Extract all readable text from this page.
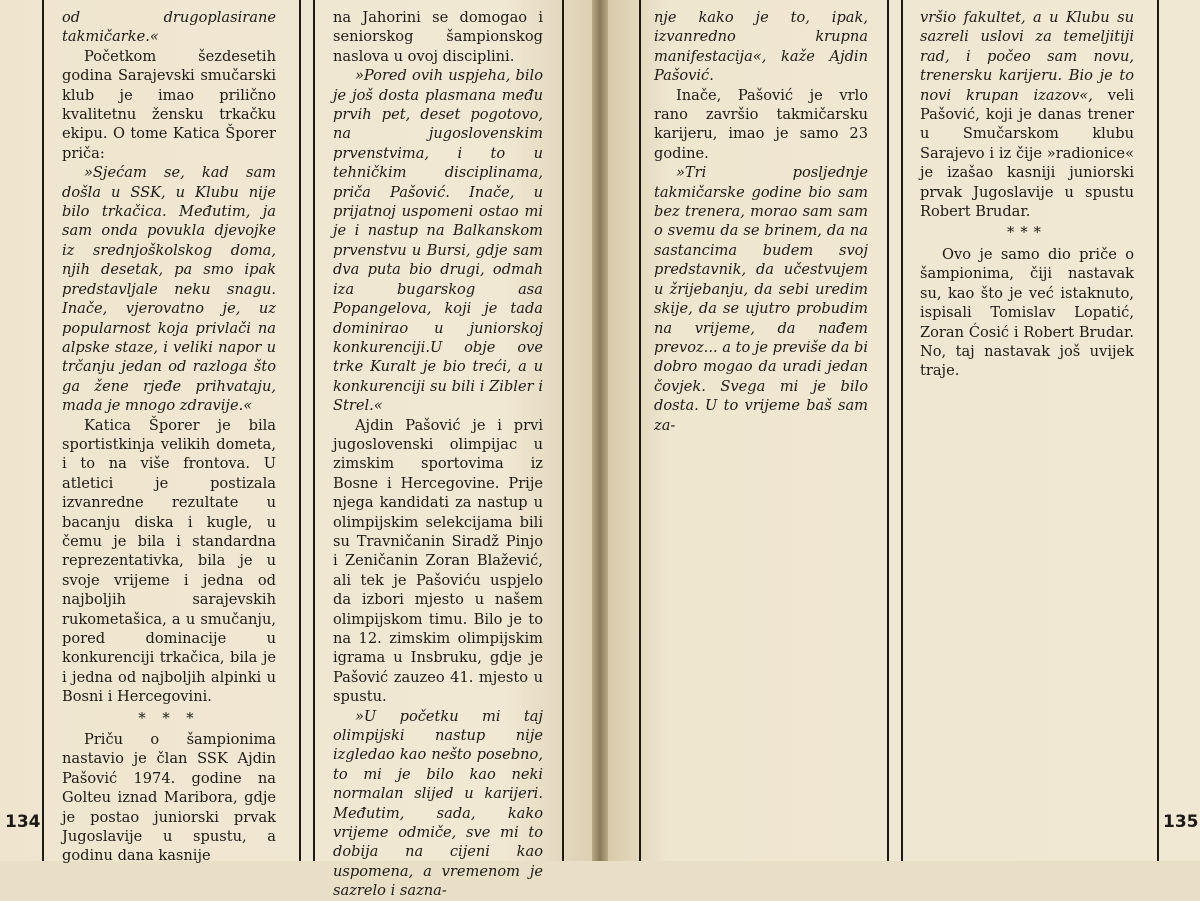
od drugoplasirane takmičarke.«

Početkom šezdesetih godina Sarajevski smučarski klub je imao prilično kvalitetnu žensku trkačku ekipu. O tome Katica Šporer priča:

»Sjećam se, kad sam došla u SSK, u Klubu nije bilo trkačica. Međutim, ja sam onda povukla djevojke iz srednjoškolskog doma, njih desetak, pa smo ipak predstavljale neku snagu. Inače, vjerovatno je, uz popularnost koja privlači na alpske staze, i veliki napor u trčanju jedan od razloga što ga žene rjeđe prihvataju, mada je mnogo zdravije.«

Katica Šporer je bila sportistkinja velikih dometa, i to na više frontova. U atletici je postizala izvanredne rezultate u bacanju diska i kugle, u čemu je bila i standardna reprezentativka, bila je u svoje vrijeme i jedna od najboljih sarajevskih rukometašica, a u smučanju, pored dominacije u konkurenciji trkačica, bila je i jedna od najboljih alpinki u Bosni i Hercegovini.

* * *

Priču o šampionima nastavio je član SSK Ajdin Pašović 1974. godine na Golteu iznad Maribora, gdje je postao juniorski prvak Jugoslavije u spustu, a godinu dana kasnije

na Jahorini se domogao i seniorskog šampionskog naslova u ovoj disciplini.

»Pored ovih uspjeha, bilo je još dosta plasmana među prvih pet, deset pogotovo, na jugoslovenskim prvenstvima, i to u tehničkim disciplinama, priča Pašović. Inače, u prijatnoj uspomeni ostao mi je i nastup na Balkanskom prvenstvu u Bursi, gdje sam dva puta bio drugi, odmah iza bugarskog asa Popangelova, koji je tada dominirao u juniorskoj konkurenciji.U obje ove trke Kuralt je bio treći, a u konkurenciji su bili i Zibler i Strel.«

Ajdin Pašović je i prvi jugoslovenski olimpijac u zimskim sportovima iz Bosne i Hercegovine. Prije njega kandidati za nastup u olimpijskim selekcijama bili su Travničanin Siradž Pinjo i Zeničanin Zoran Blažević, ali tek je Pašoviću uspjelo da izbori mjesto u našem olimpijskom timu. Bilo je to na 12. zimskim olimpijskim igrama u Insbruku, gdje je Pašović zauzeo 41. mjesto u spustu.

»U početku mi taj olimpijski nastup nije izgledao kao nešto posebno, to mi je bilo kao neki normalan slijed u karijeri. Međutim, sada, kako vrijeme odmiče, sve mi to dobija na cijeni kao uspomena, a vremenom je sazrelo i saznа-

nje kako je to, ipak, izvanredno krupna manifestacija«, kaže Ajdin Pašović.

Inače, Pašović je vrlo rano završio takmičarsku karijeru, imao je samo 23 godine.

»Tri posljednje takmičarske godine bio sam bez trenera, morao sam sam o svemu da se brinem, da na sastancima budem svoj predstavnik, da učestvujem u žrijebanju, da sebi uredim skije, da se ujutro probudim na vrijeme, da nađem prevoz... a to je previše da bi dobro mogao da uradi jedan čovjek. Svega mi je bilo dosta. U to vrijeme baš sam za-

vršio fakultet, a u Klubu su sazreli uslovi za temeljitiji rad, i počeo sam novu, trenersku karijeru. Bio je to novi krupan izazov«, veli Pašović, koji je danas trener u Smučarskom klubu Sarajevo i iz čije »radionice« je izašao kasniji juniorski prvak Jugoslavije u spustu Robert Brudar.

***

Ovo je samo dio priče o šampionima, čiji nastavak su, kao što je već istaknuto, ispisali Tomislav Lopatić, Zoran Ćosić i Robert Brudar. No, taj nastavak još uvijek traje.

134	135
